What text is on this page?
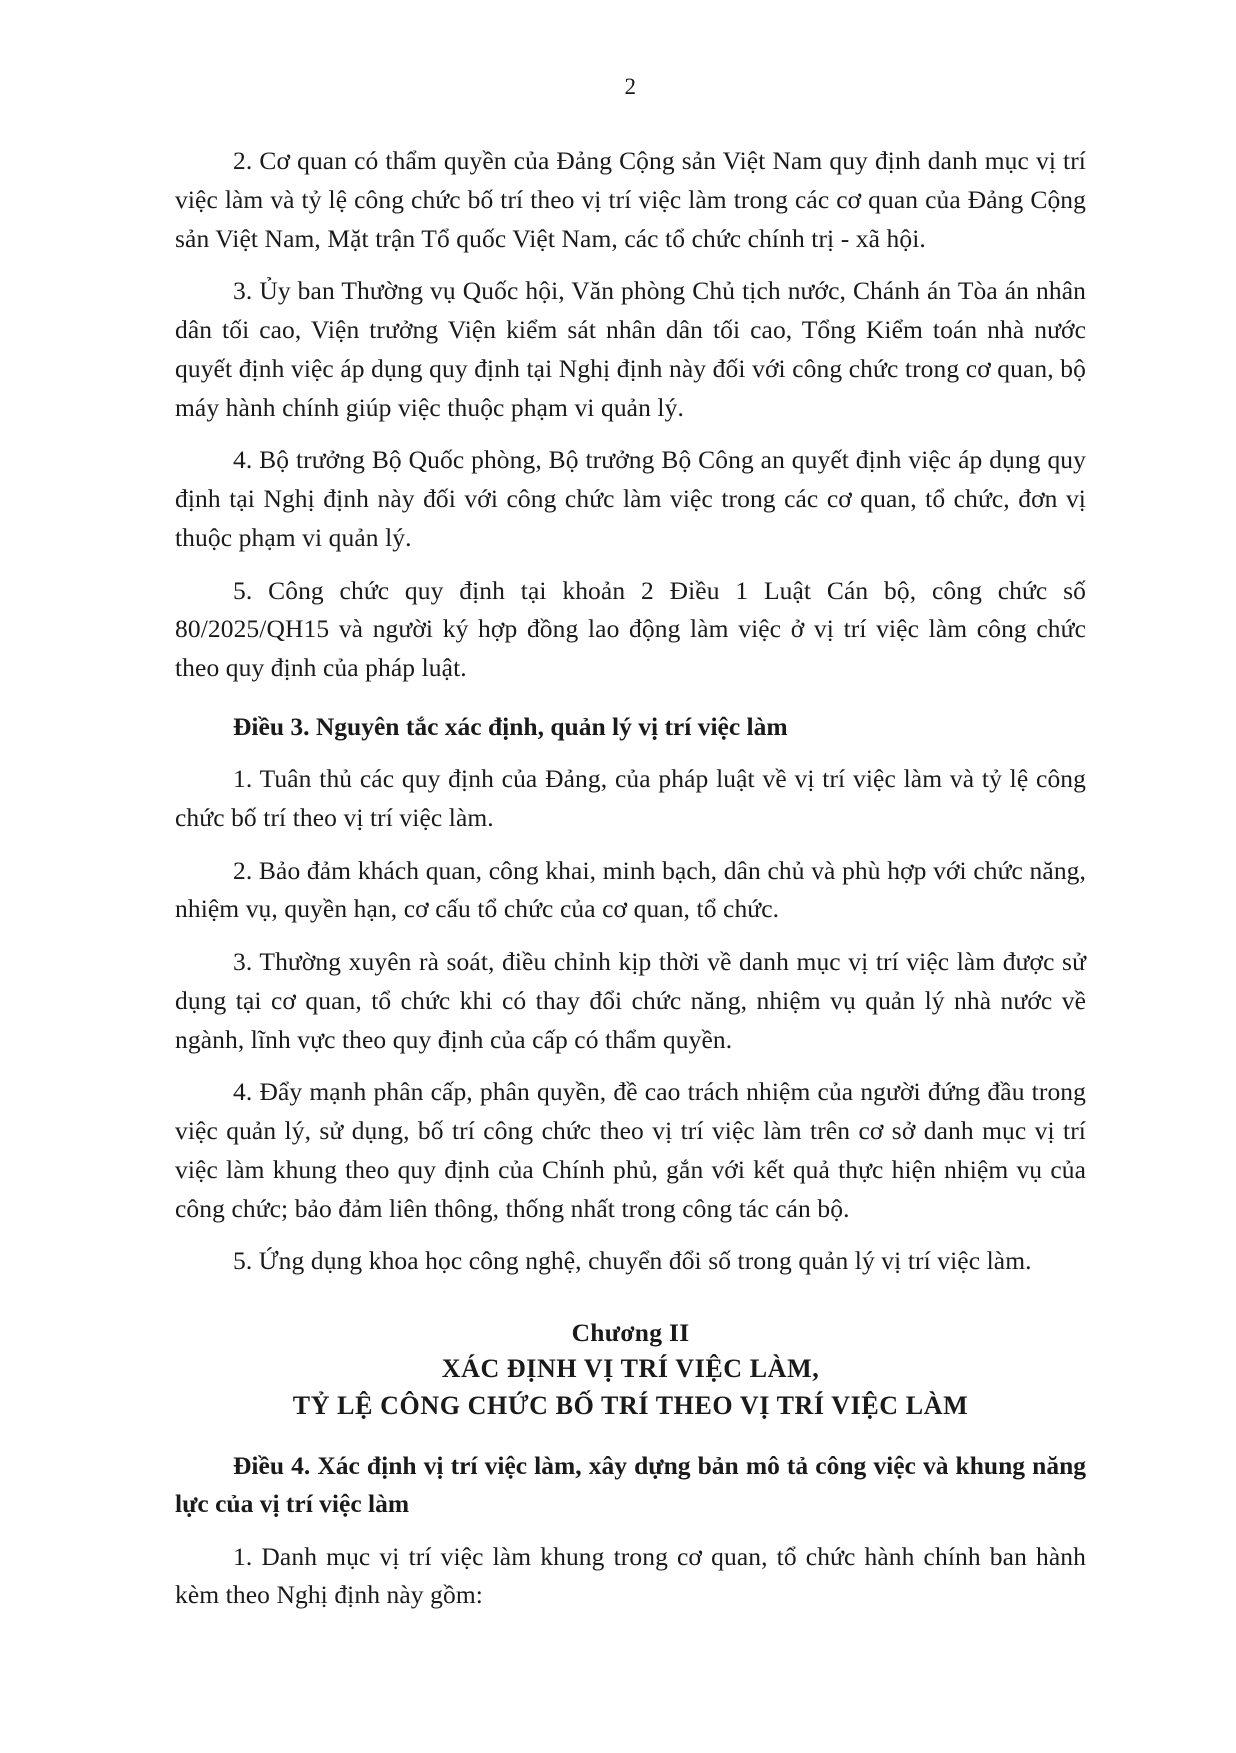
2

2. Cơ quan có thẩm quyền của Đảng Cộng sản Việt Nam quy định danh mục vị trí việc làm và tỷ lệ công chức bố trí theo vị trí việc làm trong các cơ quan của Đảng Cộng sản Việt Nam, Mặt trận Tổ quốc Việt Nam, các tổ chức chính trị - xã hội.

3. Ủy ban Thường vụ Quốc hội, Văn phòng Chủ tịch nước, Chánh án Tòa án nhân dân tối cao, Viện trưởng Viện kiểm sát nhân dân tối cao, Tổng Kiểm toán nhà nước quyết định việc áp dụng quy định tại Nghị định này đối với công chức trong cơ quan, bộ máy hành chính giúp việc thuộc phạm vi quản lý.

4. Bộ trưởng Bộ Quốc phòng, Bộ trưởng Bộ Công an quyết định việc áp dụng quy định tại Nghị định này đối với công chức làm việc trong các cơ quan, tổ chức, đơn vị thuộc phạm vi quản lý.

5. Công chức quy định tại khoản 2 Điều 1 Luật Cán bộ, công chức số 80/2025/QH15 và người ký hợp đồng lao động làm việc ở vị trí việc làm công chức theo quy định của pháp luật.

Điều 3. Nguyên tắc xác định, quản lý vị trí việc làm

1. Tuân thủ các quy định của Đảng, của pháp luật về vị trí việc làm và tỷ lệ công chức bố trí theo vị trí việc làm.

2. Bảo đảm khách quan, công khai, minh bạch, dân chủ và phù hợp với chức năng, nhiệm vụ, quyền hạn, cơ cấu tổ chức của cơ quan, tổ chức.

3. Thường xuyên rà soát, điều chỉnh kịp thời về danh mục vị trí việc làm được sử dụng tại cơ quan, tổ chức khi có thay đổi chức năng, nhiệm vụ quản lý nhà nước về ngành, lĩnh vực theo quy định của cấp có thẩm quyền.

4. Đẩy mạnh phân cấp, phân quyền, đề cao trách nhiệm của người đứng đầu trong việc quản lý, sử dụng, bố trí công chức theo vị trí việc làm trên cơ sở danh mục vị trí việc làm khung theo quy định của Chính phủ, gắn với kết quả thực hiện nhiệm vụ của công chức; bảo đảm liên thông, thống nhất trong công tác cán bộ.

5. Ứng dụng khoa học công nghệ, chuyển đổi số trong quản lý vị trí việc làm.

Chương II
XÁC ĐỊNH VỊ TRÍ VIỆC LÀM,
TỶ LỆ CÔNG CHỨC BỐ TRÍ THEO VỊ TRÍ VIỆC LÀM

Điều 4. Xác định vị trí việc làm, xây dựng bản mô tả công việc và khung năng lực của vị trí việc làm

1. Danh mục vị trí việc làm khung trong cơ quan, tổ chức hành chính ban hành kèm theo Nghị định này gồm:
